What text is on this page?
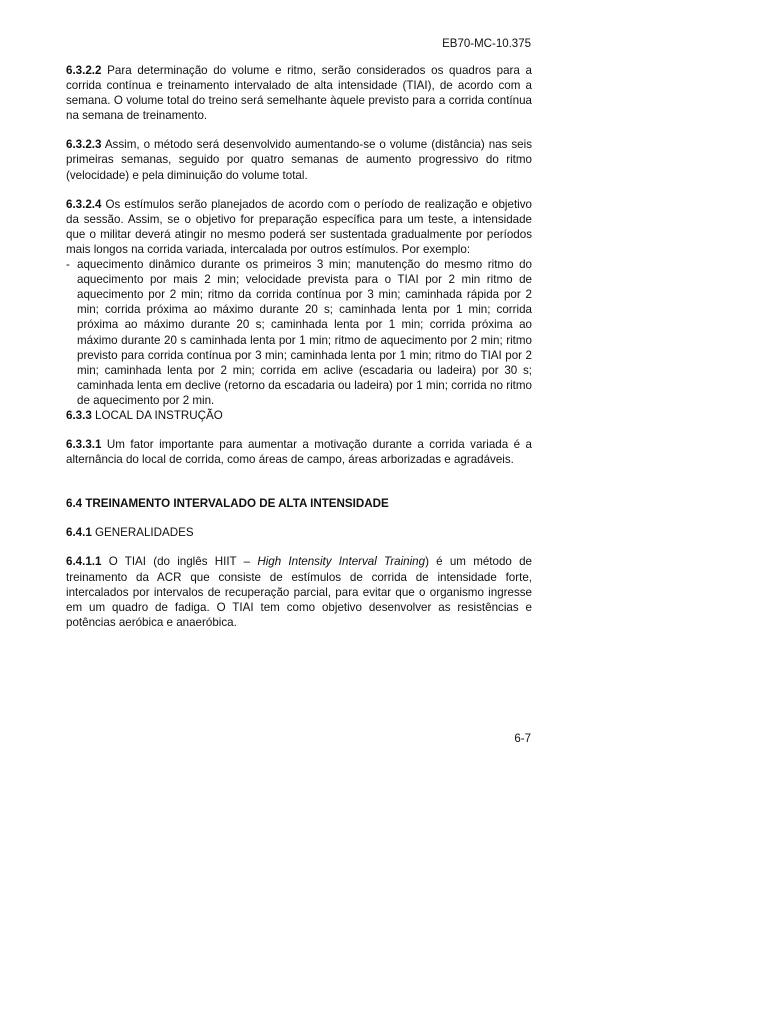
EB70-MC-10.375

6.3.2.2 Para determinação do volume e ritmo, serão considerados os quadros para a corrida contínua e treinamento intervalado de alta intensidade (TIAI), de acordo com a semana. O volume total do treino será semelhante àquele previsto para a corrida contínua na semana de treinamento.

6.3.2.3 Assim, o método será desenvolvido aumentando-se o volume (distância) nas seis primeiras semanas, seguido por quatro semanas de aumento progressivo do ritmo (velocidade) e pela diminuição do volume total.

6.3.2.4 Os estímulos serão planejados de acordo com o período de realização e objetivo da sessão. Assim, se o objetivo for preparação específica para um teste, a intensidade que o militar deverá atingir no mesmo poderá ser sustentada gradualmente por períodos mais longos na corrida variada, intercalada por outros estímulos. Por exemplo:

- aquecimento dinâmico durante os primeiros 3 min; manutenção do mesmo ritmo do aquecimento por mais 2 min; velocidade prevista para o TIAI por 2 min ritmo de aquecimento por 2 min; ritmo da corrida contínua por 3 min; caminhada rápida por 2 min; corrida próxima ao máximo durante 20 s; caminhada lenta por 1 min; corrida próxima ao máximo durante 20 s; caminhada lenta por 1 min; corrida próxima ao máximo durante 20 s caminhada lenta por 1 min; ritmo de aquecimento por 2 min; ritmo previsto para corrida contínua por 3 min; caminhada lenta por 1 min; ritmo do TIAI por 2 min; caminhada lenta por 2 min; corrida em aclive (escadaria ou ladeira) por 30 s; caminhada lenta em declive (retorno da escadaria ou ladeira) por 1 min; corrida no ritmo de aquecimento por 2 min.

6.3.3 LOCAL DA INSTRUÇÃO

6.3.3.1 Um fator importante para aumentar a motivação durante a corrida variada é a alternância do local de corrida, como áreas de campo, áreas arborizadas e agradáveis.

6.4 TREINAMENTO INTERVALADO DE ALTA INTENSIDADE

6.4.1 GENERALIDADES

6.4.1.1 O TIAI (do inglês HIIT – High Intensity Interval Training) é um método de treinamento da ACR que consiste de estímulos de corrida de intensidade forte, intercalados por intervalos de recuperação parcial, para evitar que o organismo ingresse em um quadro de fadiga. O TIAI tem como objetivo desenvolver as resistências e potências aeróbica e anaeróbica.

6-7
